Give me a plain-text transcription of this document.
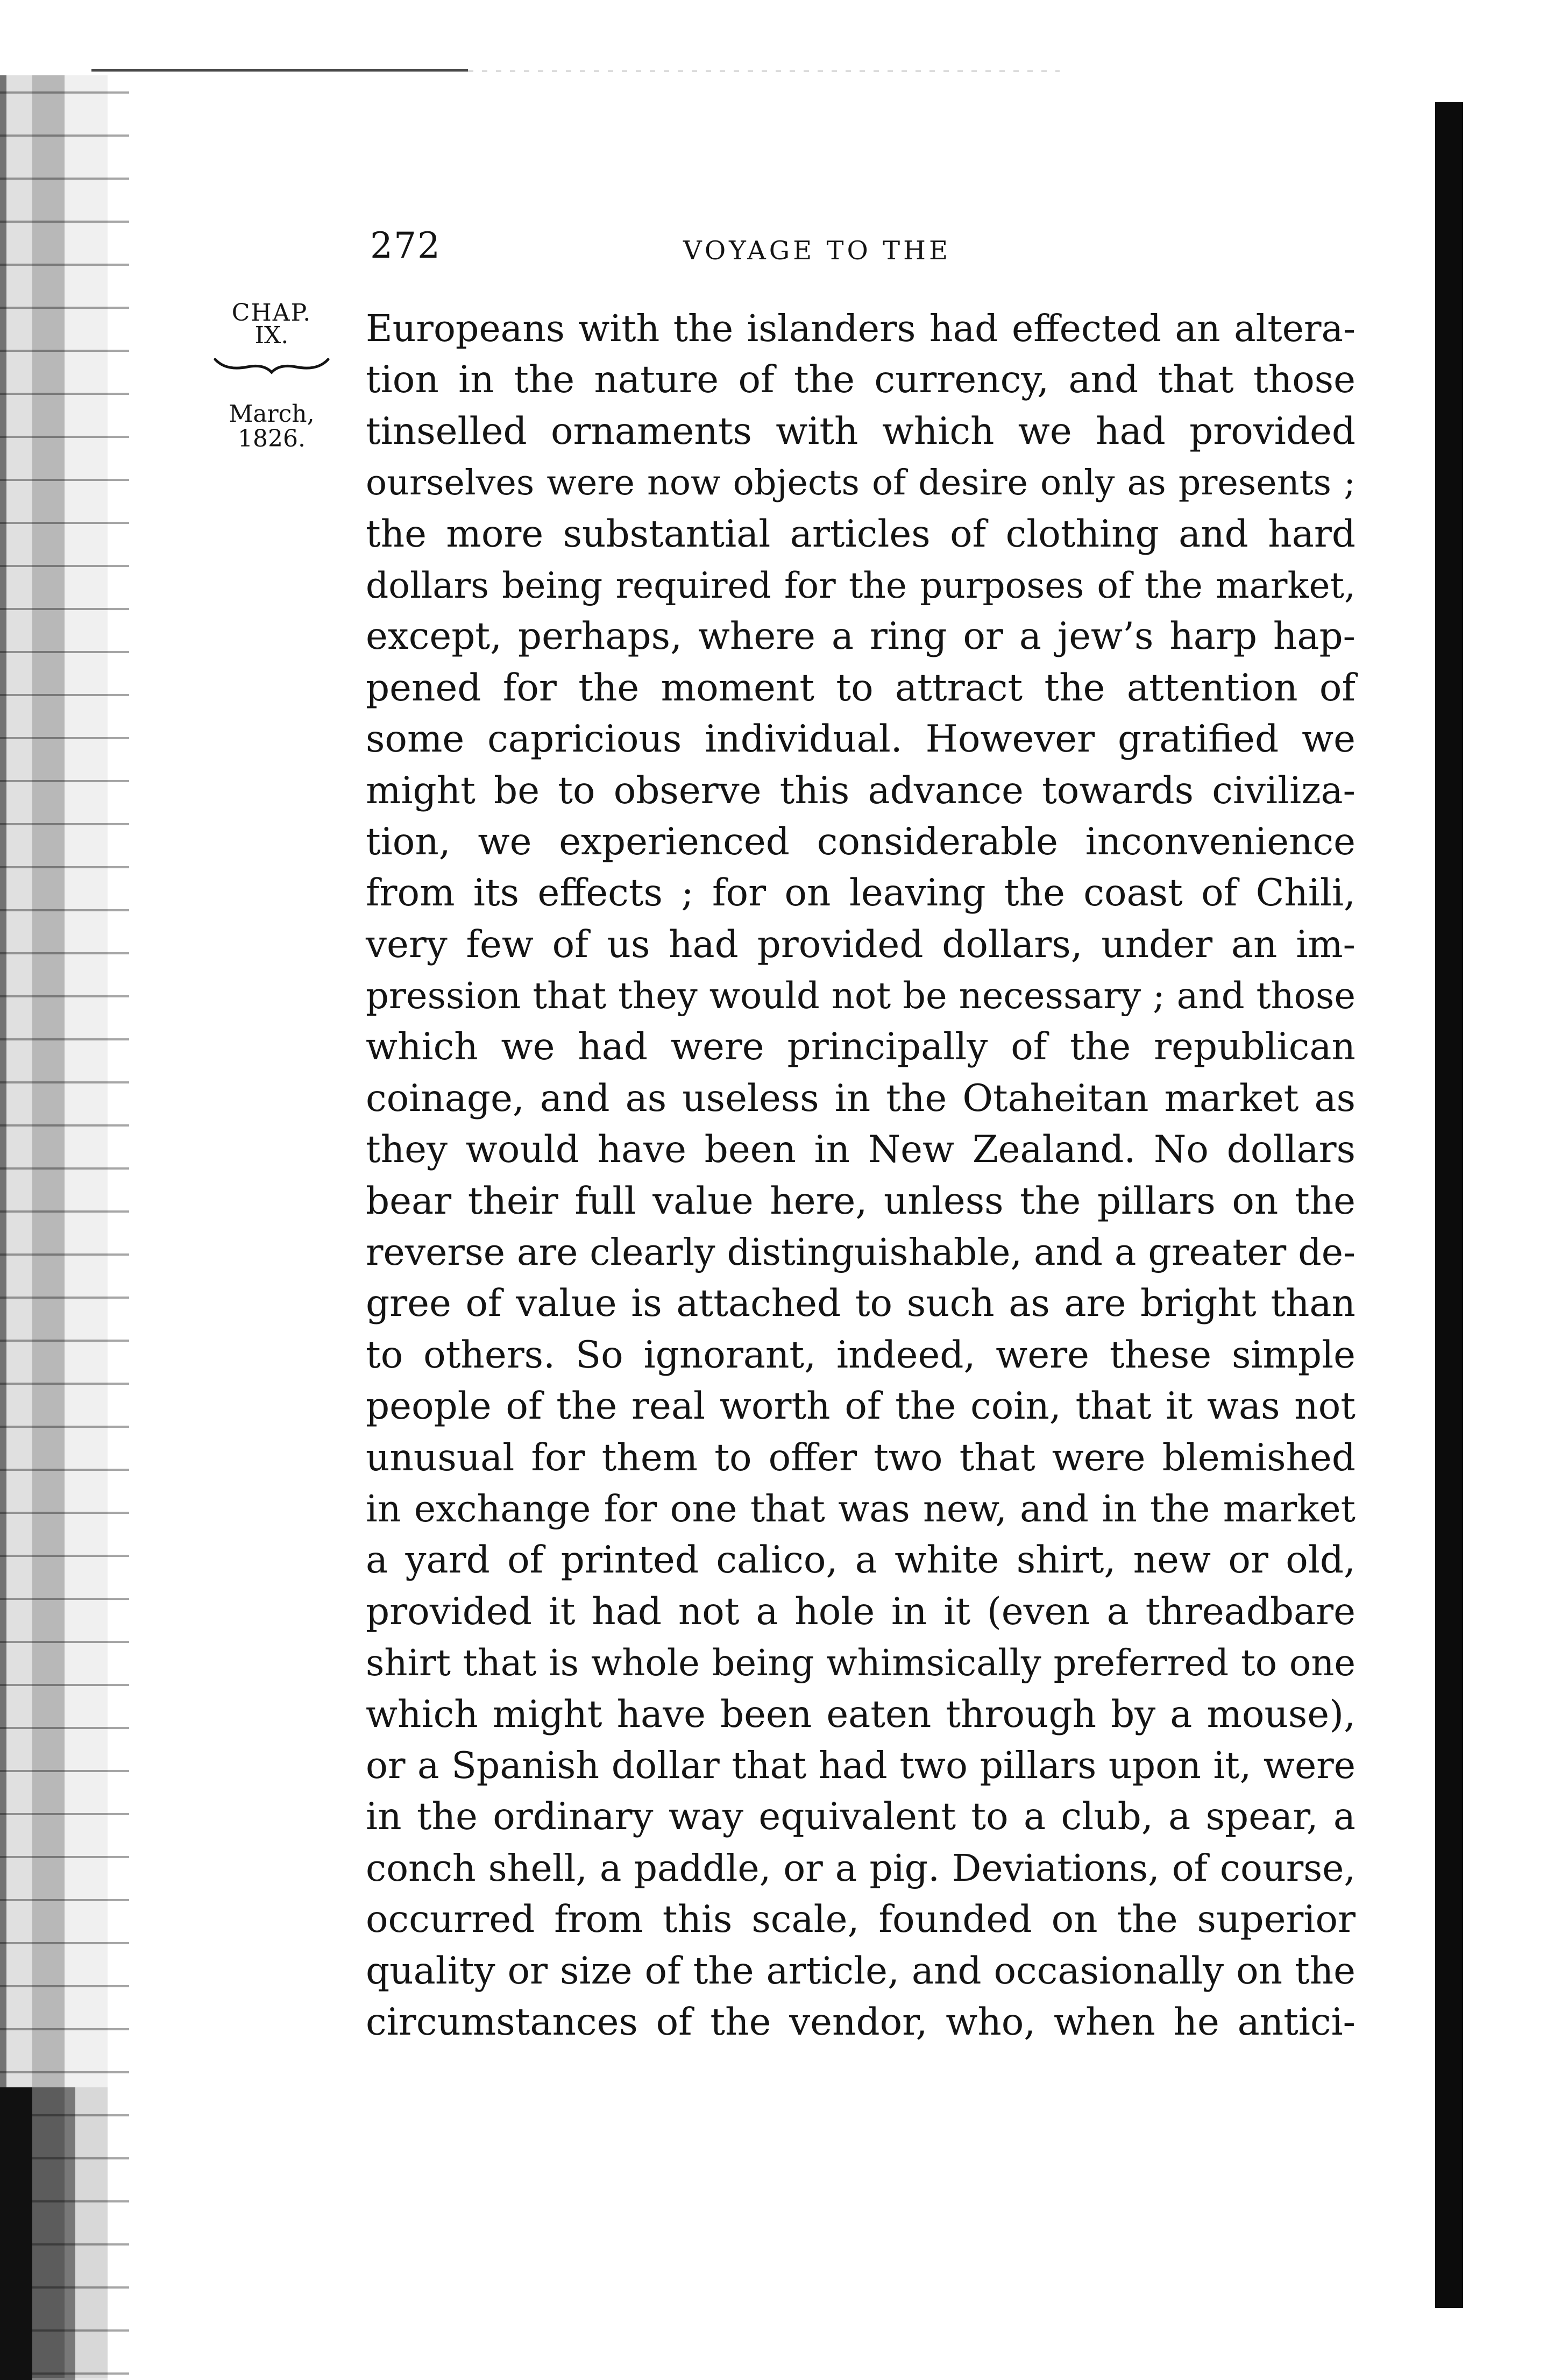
272	VOYAGE TO THE
CHAP.
IX.
March,
1826.
Europeans with the islanders had effected an altera-
tion in the nature of the currency, and that those
tinselled ornaments with which we had provided
ourselves were now objects of desire only as presents ;
the more substantial articles of clothing and hard
dollars being required for the purposes of the market,
except, perhaps, where a ring or a jew’s harp hap-
pened for the moment to attract the attention of
some capricious individual. However gratified we
might be to observe this advance towards civiliza-
tion, we experienced considerable inconvenience
from its effects ; for on leaving the coast of Chili,
very few of us had provided dollars, under an im-
pression that they would not be necessary ; and those
which we had were principally of the republican
coinage, and as useless in the Otaheitan market as
they would have been in New Zealand. No dollars
bear their full value here, unless the pillars on the
reverse are clearly distinguishable, and a greater de-
gree of value is attached to such as are bright than
to others. So ignorant, indeed, were these simple
people of the real worth of the coin, that it was not
unusual for them to offer two that were blemished
in exchange for one that was new, and in the market
a yard of printed calico, a white shirt, new or old,
provided it had not a hole in it (even a threadbare
shirt that is whole being whimsically preferred to one
which might have been eaten through by a mouse),
or a Spanish dollar that had two pillars upon it, were
in the ordinary way equivalent to a club, a spear, a
conch shell, a paddle, or a pig. Deviations, of course,
occurred from this scale, founded on the superior
quality or size of the article, and occasionally on the
circumstances of the vendor, who, when he antici-
